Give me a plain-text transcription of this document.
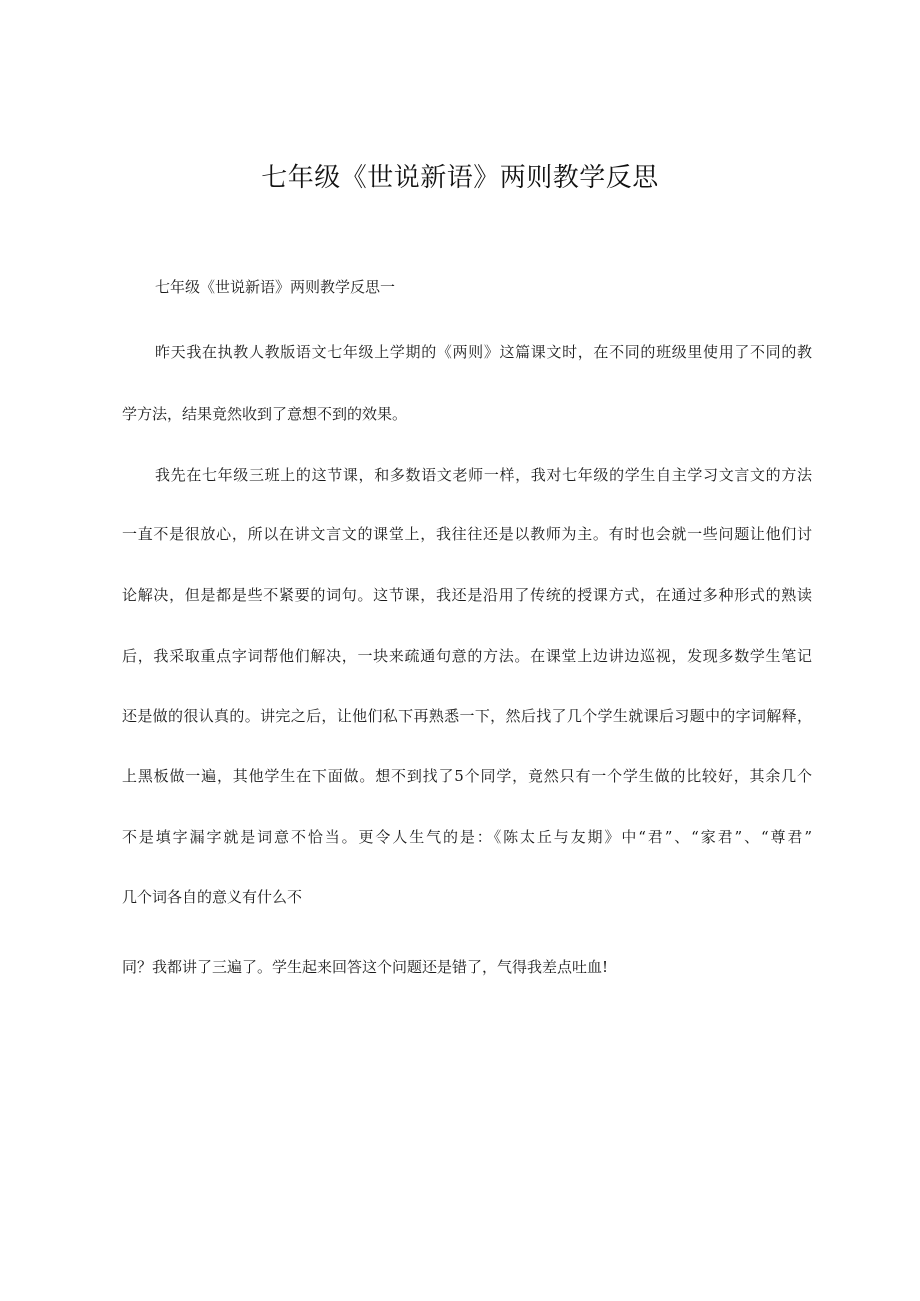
七年级《世说新语》两则教学反思
七年级《世说新语》两则教学反思一
昨天我在执教人教版语文七年级上学期的《两则》这篇课文时，在不同的班级里使用了不同的教
学方法，结果竟然收到了意想不到的效果。
我先在七年级三班上的这节课，和多数语文老师一样，我对七年级的学生自主学习文言文的方法
一直不是很放心，所以在讲文言文的课堂上，我往往还是以教师为主。有时也会就一些问题让他们讨
论解决，但是都是些不紧要的词句。这节课，我还是沿用了传统的授课方式，在通过多种形式的熟读
后，我采取重点字词帮他们解决，一块来疏通句意的方法。在课堂上边讲边巡视，发现多数学生笔记
还是做的很认真的。讲完之后，让他们私下再熟悉一下，然后找了几个学生就课后习题中的字词解释，
上黑板做一遍，其他学生在下面做。想不到找了5个同学，竟然只有一个学生做的比较好，其余几个
不是填字漏字就是词意不恰当。更令人生气的是：《陈太丘与友期》中“君”、“家君”、“尊君”
几个词各自的意义有什么不
同？我都讲了三遍了。学生起来回答这个问题还是错了，气得我差点吐血!
